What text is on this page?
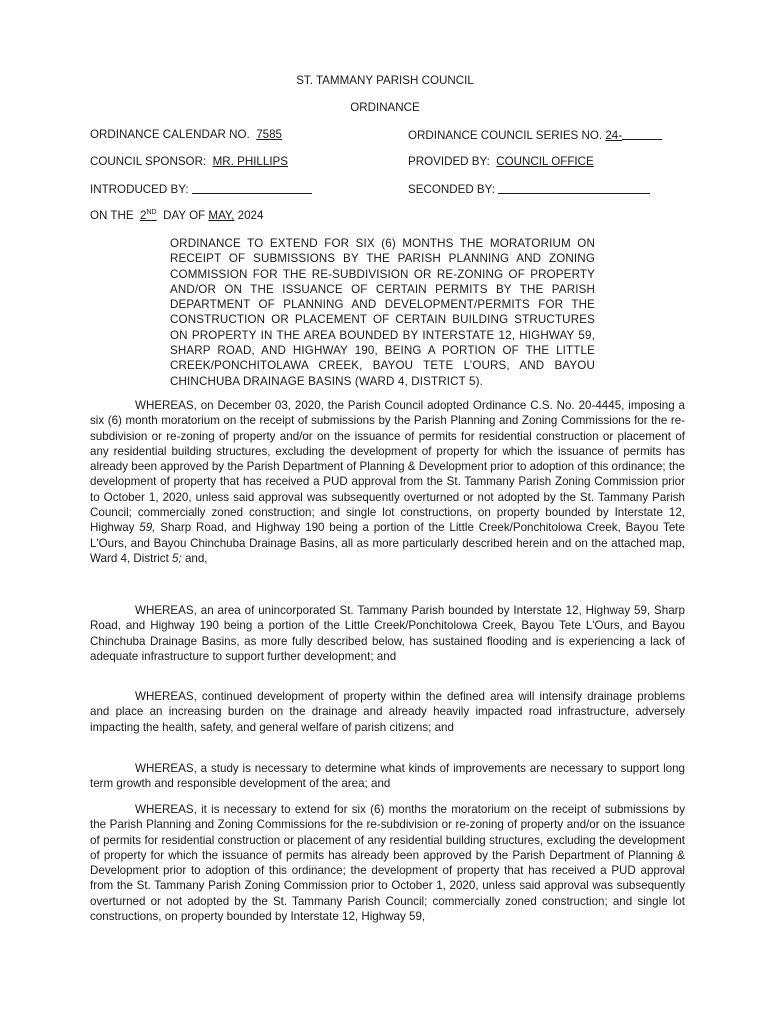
ST. TAMMANY PARISH COUNCIL
ORDINANCE
ORDINANCE CALENDAR NO. 7585	ORDINANCE COUNCIL SERIES NO. 24-
COUNCIL SPONSOR: MR. PHILLIPS	PROVIDED BY: COUNCIL OFFICE
INTRODUCED BY:	SECONDED BY:
ON THE 2ND DAY OF MAY, 2024
ORDINANCE TO EXTEND FOR SIX (6) MONTHS THE MORATORIUM ON RECEIPT OF SUBMISSIONS BY THE PARISH PLANNING AND ZONING COMMISSION FOR THE RE-SUBDIVISION OR RE-ZONING OF PROPERTY AND/OR ON THE ISSUANCE OF CERTAIN PERMITS BY THE PARISH DEPARTMENT OF PLANNING AND DEVELOPMENT/PERMITS FOR THE CONSTRUCTION OR PLACEMENT OF CERTAIN BUILDING STRUCTURES ON PROPERTY IN THE AREA BOUNDED BY INTERSTATE 12, HIGHWAY 59, SHARP ROAD, AND HIGHWAY 190, BEING A PORTION OF THE LITTLE CREEK/PONCHITOLAWA CREEK, BAYOU TETE L’OURS, AND BAYOU CHINCHUBA DRAINAGE BASINS (WARD 4, DISTRICT 5).
WHEREAS, on December 03, 2020, the Parish Council adopted Ordinance C.S. No. 20-4445, imposing a six (6) month moratorium on the receipt of submissions by the Parish Planning and Zoning Commissions for the re-subdivision or re-zoning of property and/or on the issuance of permits for residential construction or placement of any residential building structures, excluding the development of property for which the issuance of permits has already been approved by the Parish Department of Planning & Development prior to adoption of this ordinance; the development of property that has received a PUD approval from the St. Tammany Parish Zoning Commission prior to October 1, 2020, unless said approval was subsequently overturned or not adopted by the St. Tammany Parish Council; commercially zoned construction; and single lot constructions, on property bounded by Interstate 12, Highway 59, Sharp Road, and Highway 190 being a portion of the Little Creek/Ponchitolowa Creek, Bayou Tete L'Ours, and Bayou Chinchuba Drainage Basins, all as more particularly described herein and on the attached map, Ward 4, District 5; and,
WHEREAS, an area of unincorporated St. Tammany Parish bounded by Interstate 12, Highway 59, Sharp Road, and Highway 190 being a portion of the Little Creek/Ponchitolowa Creek, Bayou Tete L'Ours, and Bayou Chinchuba Drainage Basins, as more fully described below, has sustained flooding and is experiencing a lack of adequate infrastructure to support further development; and
WHEREAS, continued development of property within the defined area will intensify drainage problems and place an increasing burden on the drainage and already heavily impacted road infrastructure, adversely impacting the health, safety, and general welfare of parish citizens; and
WHEREAS, a study is necessary to determine what kinds of improvements are necessary to support long term growth and responsible development of the area; and
WHEREAS, it is necessary to extend for six (6) months the moratorium on the receipt of submissions by the Parish Planning and Zoning Commissions for the re-subdivision or re-zoning of property and/or on the issuance of permits for residential construction or placement of any residential building structures, excluding the development of property for which the issuance of permits has already been approved by the Parish Department of Planning & Development prior to adoption of this ordinance; the development of property that has received a PUD approval from the St. Tammany Parish Zoning Commission prior to October 1, 2020, unless said approval was subsequently overturned or not adopted by the St. Tammany Parish Council; commercially zoned construction; and single lot constructions, on property bounded by Interstate 12, Highway 59,
